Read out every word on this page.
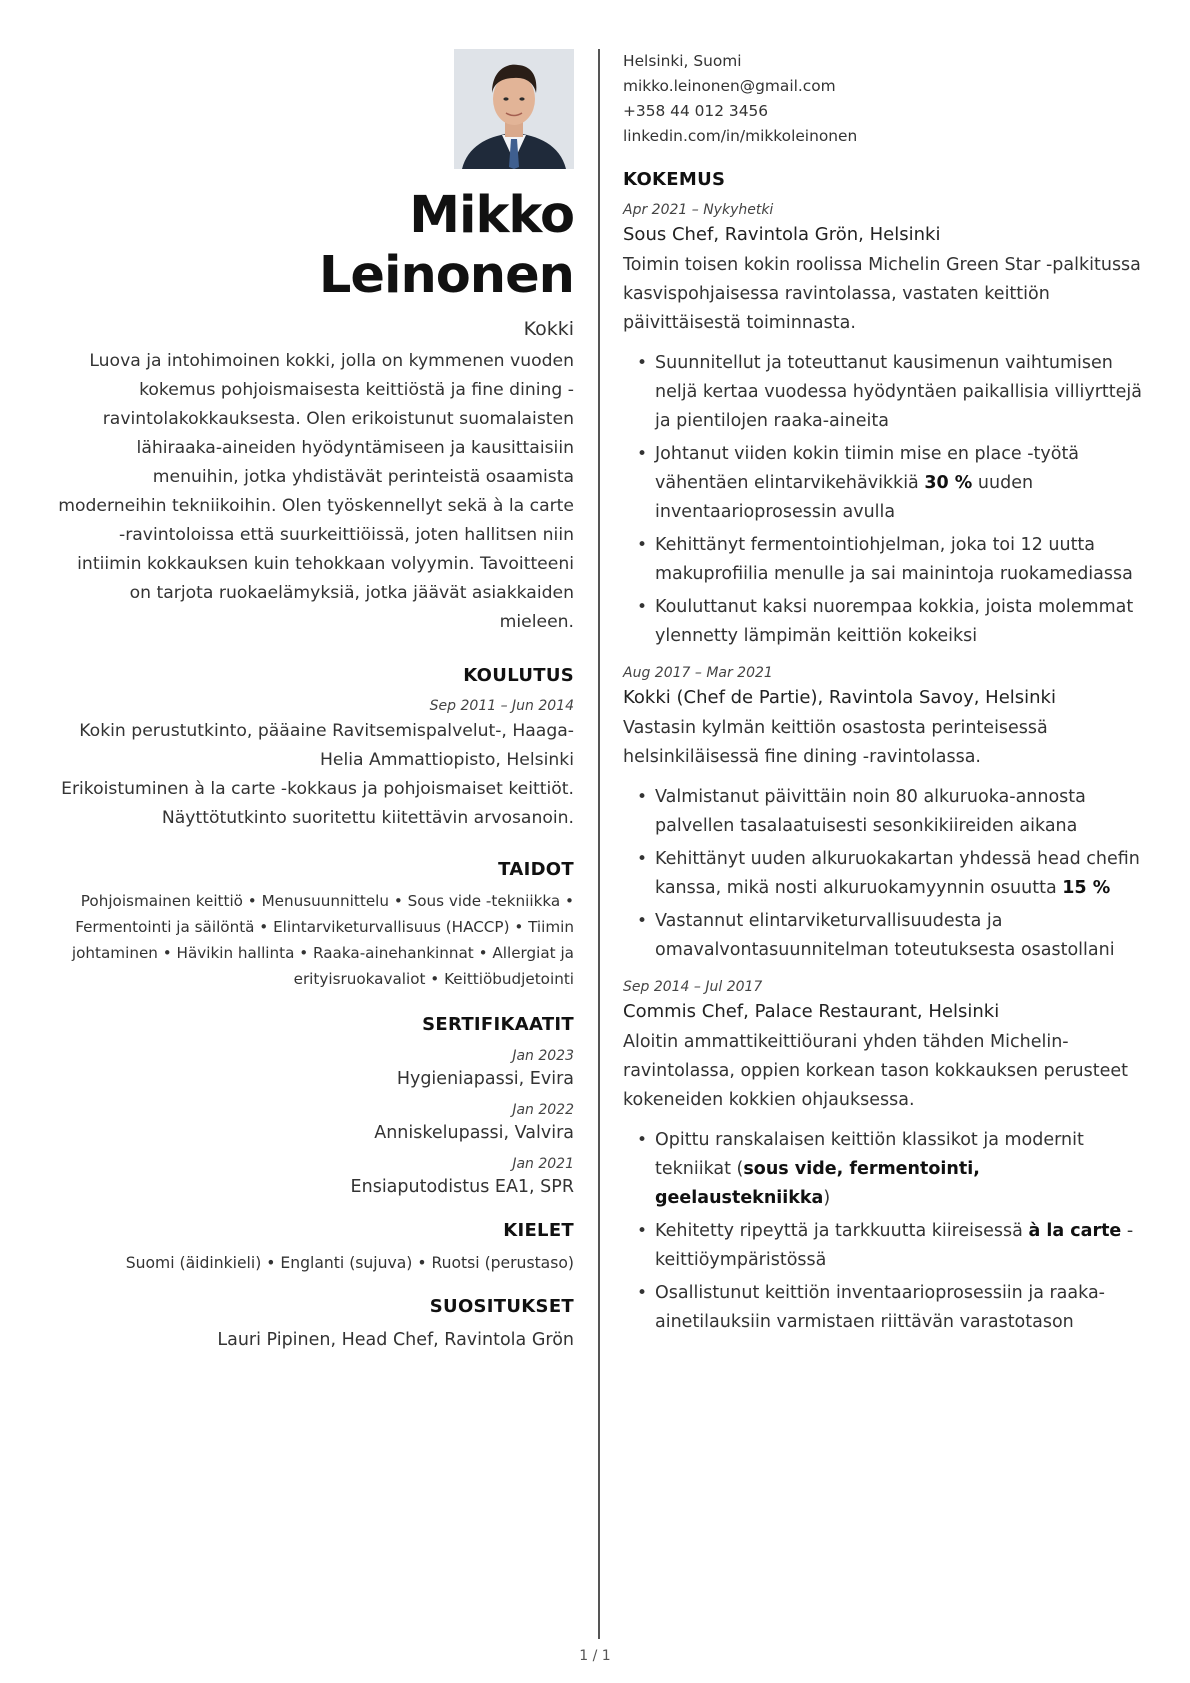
Mikko
Leinonen
Kokki
Luova ja intohimoinen kokki, jolla on kymmenen vuoden kokemus pohjoismaisesta keittiöstä ja fine dining -ravintolakokkauksesta. Olen erikoistunut suomalaisten lähiraaka-aineiden hyödyntämiseen ja kausittaisiin menuihin, jotka yhdistävät perinteistä osaamista moderneihin tekniikoihin. Olen työskennellyt sekä à la carte -ravintoloissa että suurkeittiöissä, joten hallitsen niin intiimin kokkauksen kuin tehokkaan volyymin. Tavoitteeni on tarjota ruokaelämyksiä, jotka jäävät asiakkaiden mieleen.
KOULUTUS
Sep 2011 – Jun 2014
Kokin perustutkinto, pääaine Ravitsemispalvelut-, Haaga-Helia Ammattiopisto, Helsinki
Erikoistuminen à la carte -kokkaus ja pohjoismaiset keittiöt. Näyttötutkinto suoritettu kiitettävin arvosanoin.
TAIDOT
Pohjoismainen keittiö • Menusuunnittelu • Sous vide -tekniikka • Fermentointi ja säilöntä • Elintarviketurvallisuus (HACCP) • Tiimin johtaminen • Hävikin hallinta • Raaka-ainehankinnat • Allergiat ja erityisruokavaliot • Keittiöbudjetointi
SERTIFIKAATIT
Jan 2023
Hygieniapassi, Evira
Jan 2022
Anniskelupassi, Valvira
Jan 2021
Ensiaputodistus EA1, SPR
KIELET
Suomi (äidinkieli) • Englanti (sujuva) • Ruotsi (perustaso)
SUOSITUKSET
Lauri Pipinen, Head Chef, Ravintola Grön
Helsinki, Suomi
mikko.leinonen@gmail.com
+358 44 012 3456
linkedin.com/in/mikkoleinonen
KOKEMUS
Apr 2021 – Nykyhetki
Sous Chef, Ravintola Grön, Helsinki
Toimin toisen kokin roolissa Michelin Green Star -palkitussa kasvispohjaisessa ravintolassa, vastaten keittiön päivittäisestä toiminnasta.
• Suunnitellut ja toteuttanut kausimenun vaihtumisen neljä kertaa vuodessa hyödyntäen paikallisia villiyrttejä ja pientilojen raaka-aineita
• Johtanut viiden kokin tiimin mise en place -työtä vähentäen elintarvikehävikkiä 30 % uuden inventaarioprosessin avulla
• Kehittänyt fermentointiohjelman, joka toi 12 uutta makuprofiilia menulle ja sai mainintoja ruokamediassa
• Kouluttanut kaksi nuorempaa kokkia, joista molemmat ylennetty lämpimän keittiön kokeiksi
Aug 2017 – Mar 2021
Kokki (Chef de Partie), Ravintola Savoy, Helsinki
Vastasin kylmän keittiön osastosta perinteisessä helsinkiläisessä fine dining -ravintolassa.
• Valmistanut päivittäin noin 80 alkuruoka-annosta palvellen tasalaatuisesti sesonkikiireiden aikana
• Kehittänyt uuden alkuruokakartan yhdessä head chefin kanssa, mikä nosti alkuruokamyynnin osuutta 15 %
• Vastannut elintarviketurvallisuudesta ja omavalvontasuunnitelman toteutuksesta osastollani
Sep 2014 – Jul 2017
Commis Chef, Palace Restaurant, Helsinki
Aloitin ammattikeittiöurani yhden tähden Michelin-ravintolassa, oppien korkean tason kokkauksen perusteet kokeneiden kokkien ohjauksessa.
• Opittu ranskalaisen keittiön klassikot ja modernit tekniikat (sous vide, fermentointi, geelaustekniikka)
• Kehitetty ripeyttä ja tarkkuutta kiireisessä à la carte -keittiöympäristössä
• Osallistunut keittiön inventaarioprosessiin ja raaka-ainetilauksiin varmistaen riittävän varastotason
1 / 1
